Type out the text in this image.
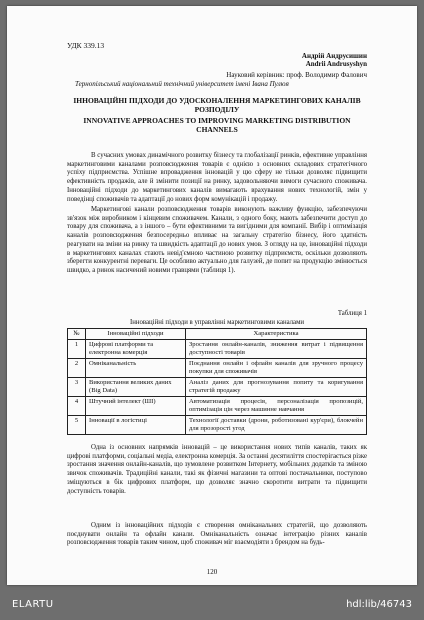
УДК 339.13
Андрій Андрусишин
Andrii Andrusyshyn
Науковий керівник: проф. Володимир Фалович
Тернопільський національний технічний університет імені Івана Пулюя
ІННОВАЦІЙНІ ПІДХОДИ ДО УДОСКОНАЛЕННЯ МАРКЕТИНГОВИХ КАНАЛІВ РОЗПОДІЛУ
INNOVATIVE APPROACHES TO IMPROVING MARKETING DISTRIBUTION CHANNELS

В сучасних умовах динамічного розвитку бізнесу та глобалізації ринків, ефективне управління маркетинговими каналами розповсюдження товарів є однією з основних складових стратегічного успіху підприємства. Успішне впровадження інновацій у цю сферу не тільки дозволяє підвищити ефективність продажів, але й змінити позиції на ринку, задовольняючи вимоги сучасного споживача. Інноваційні підходи до маркетингових каналів вимагають врахування нових технологій, змін у поведінці споживачів та адаптації до нових форм комунікацій і продажу.

Маркетингові канали розповсюдження товарів виконують важливу функцію, забезпечуючи зв'язок між виробником і кінцевим споживачем. Канали, з одного боку, мають забезпечити доступ до товару для споживача, а з іншого – бути ефективними та вигідними для компанії. Вибір і оптимізація каналів розповсюдження безпосередньо впливає на загальну стратегію бізнесу, його здатність реагувати на зміни на ринку та швидкість адаптації до нових умов. З огляду на це, інноваційні підходи в маркетингових каналах стають невід'ємною частиною розвитку підприємств, оскільки дозволяють зберегти конкурентні переваги. Це особливо актуально для галузей, де попит на продукцію змінюється швидко, а ринок насичений новими гравцями (таблиця 1).

Таблиця 1
Інноваційні підходи в управлінні маркетинговими каналами
№	Інноваційні підходи	Характеристика
1	Цифрові платформи та електронна комерція	Зростання онлайн-каналів, зниження витрат і підвищення доступності товарів
2	Омніканальність	Поєднання онлайн і офлайн каналів для зручного процесу покупки для споживачів
3	Використання великих даних (Big Data)	Аналіз даних для прогнозування попиту та коригування стратегій продажу
4	Штучний інтелект (ШІ)	Автоматизація процесів, персоналізація пропозицій, оптимізація цін через машинне навчання
5	Інновації в логістиці	Технології доставки (дрони, роботизовані кур'єри), блокчейн для прозорості угод

Одна із основних напрямків інновацій – це використання нових типів каналів, таких як цифрові платформи, соціальні медіа, електронна комерція. За останні десятиліття спостерігається різке зростання значення онлайн-каналів, що зумовлене розвитком Інтернету, мобільних додатків та зміною звичок споживачів. Традиційні канали, такі як фізичні магазини та оптові постачальники, поступово зміщуються в бік цифрових платформ, що дозволяє значно скоротити витрати та підвищити доступність товарів.

Одним із інноваційних підходів є створення омніканальних стратегій, що дозволяють поєднувати онлайн та офлайн канали. Омніканальність означає інтеграцію різних каналів розповсюдження товарів таким чином, щоб споживач міг взаємодіяти з брендом на будь-

120
ELARTU	hdl:lib/46743
